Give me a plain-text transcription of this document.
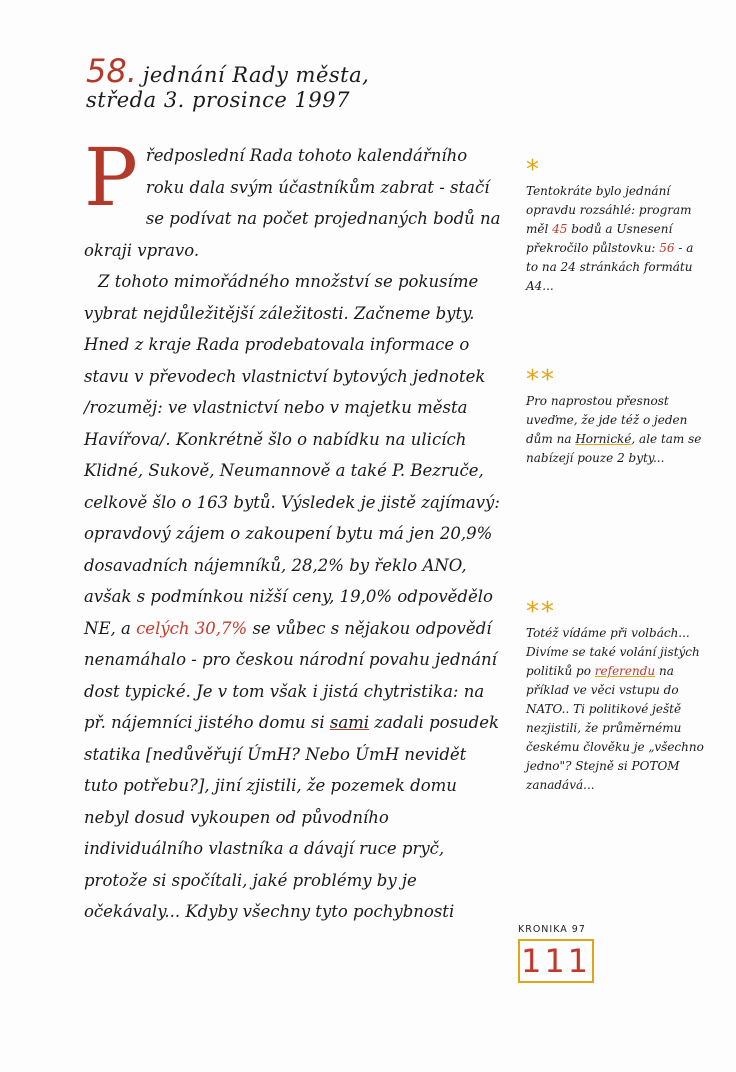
58. jednání Rady města,
středa 3. prosince 1997
P ředposlední Rada tohoto kalendářního roku dala svým účastníkům zabrat - stačí se podívat na počet projednaných bodů na okraji vpravo.
Z tohoto mimořádného množství se pokusíme vybrat nejdůležitější záležitosti. Začneme byty. Hned z kraje Rada prodebatovala informace o stavu v převodech vlastnictví bytových jednotek /rozuměj: ve vlastnictví nebo v majetku města Havířova/. Konkrétně šlo o nabídku na ulicích Klidné, Sukově, Neumannově a také P. Bezruče, celkově šlo o 163 bytů. Výsledek je jistě zajímavý: opravdový zájem o zakoupení bytu má jen 20,9% dosavadních nájemníků, 28,2% by řeklo ANO, avšak s podmínkou nižší ceny, 19,0% odpovědělo NE, a celých 30,7% se vůbec s nějakou odpovědí nenamáhalo - pro českou národní povahu jednání dost typické. Je v tom však i jistá chytristika: na př. nájemníci jistého domu si sami zadali posudek statika [nedůvěřují ÚmH? Nebo ÚmH nevidět tuto potřebu?], jiní zjistili, že pozemek domu nebyl dosud vykoupen od původního individuálního vlastníka a dávají ruce pryč, protože si spočítali, jaké problémy by je očekávaly... Kdyby všechny tyto pochybnosti
*
Tentokráte bylo jednání opravdu rozsáhlé: program měl 45 bodů a Usnesení překročilo půlstovku: 56 - a to na 24 stránkách formátu A4...
**
Pro naprostou přesnost uveďme, že jde též o jeden dům na Hornické, ale tam se nabízejí pouze 2 byty...
**
Totéž vídáme při volbách... Divíme se také volání jistých politiků po referendu na příklad ve věci vstupu do NATO.. Ti politikové ještě nezjistili, že průměrnému českému člověku je „všechno jedno"? Stejně si POTOM zanadává...
KRONIKA 97
111
